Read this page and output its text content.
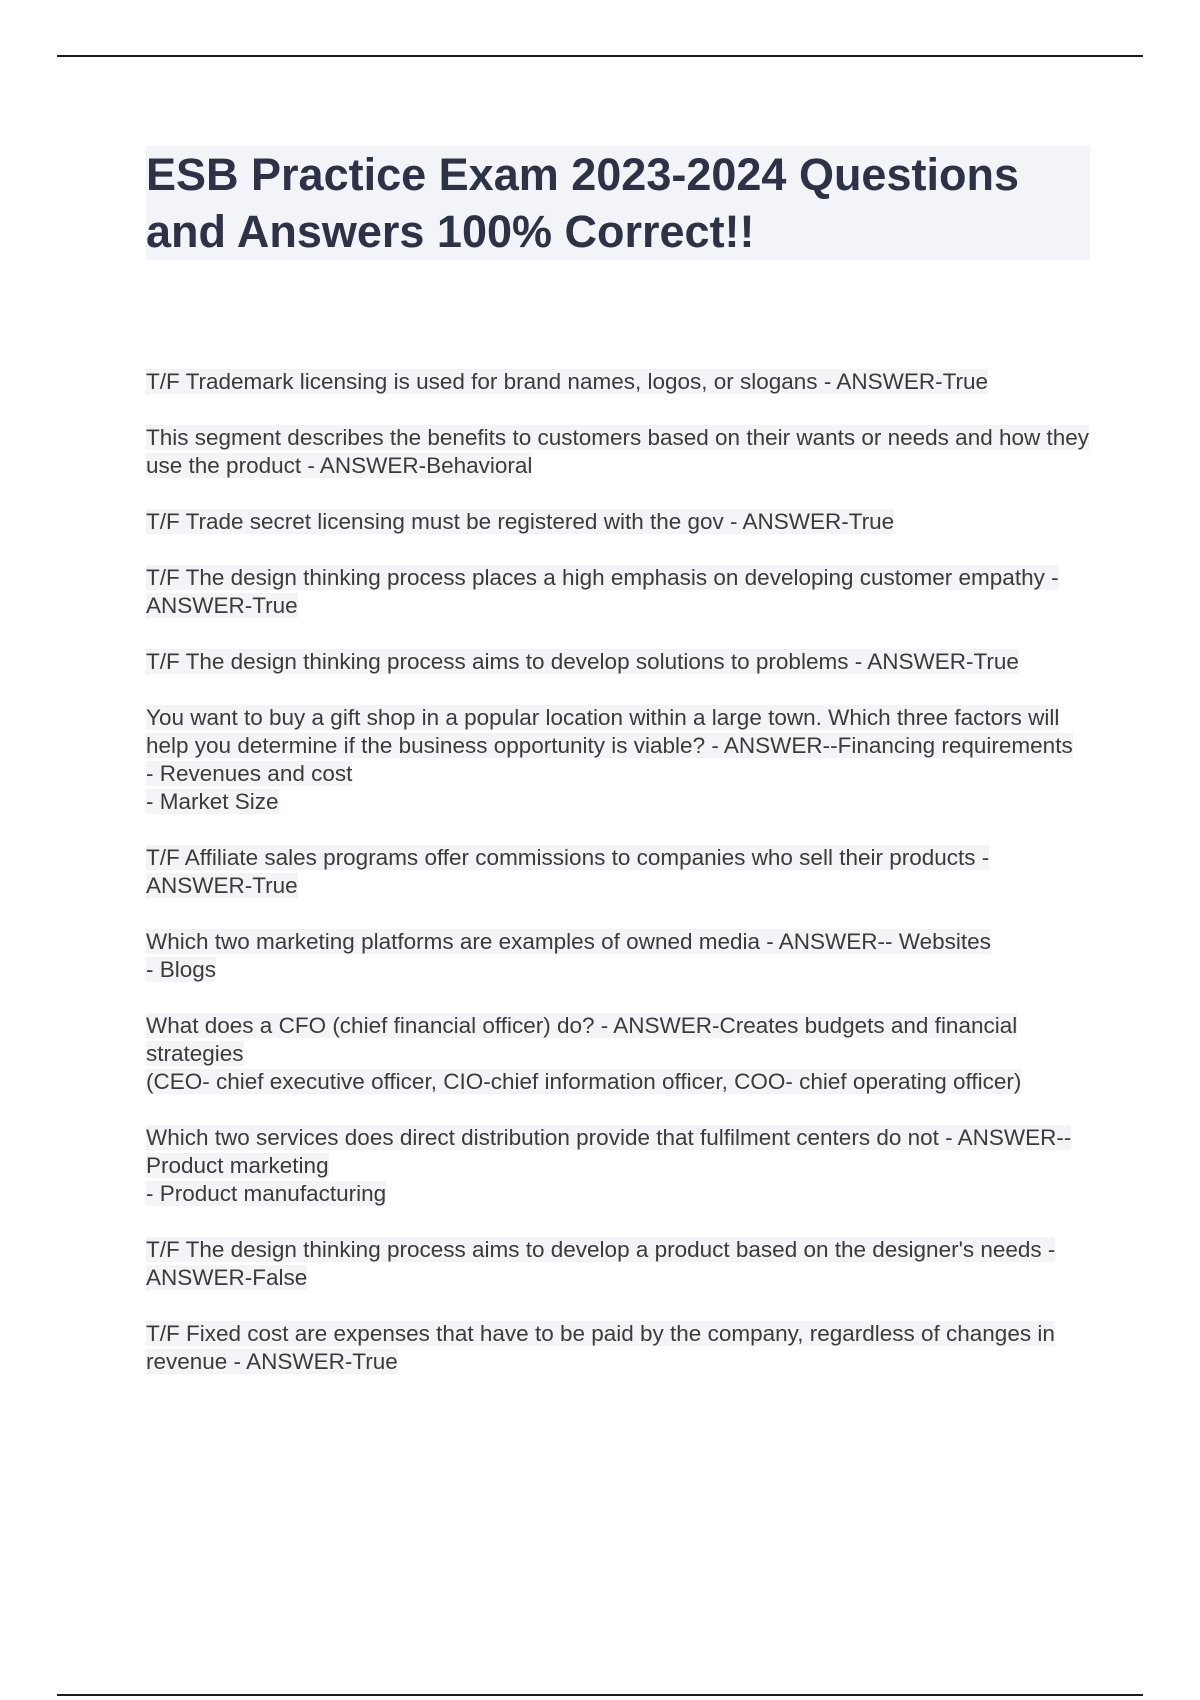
ESB Practice Exam 2023-2024 Questions and Answers 100% Correct!!

T/F Trademark licensing is used for brand names, logos, or slogans - ANSWER-True

This segment describes the benefits to customers based on their wants or needs and how they use the product - ANSWER-Behavioral

T/F Trade secret licensing must be registered with the gov - ANSWER-True

T/F The design thinking process places a high emphasis on developing customer empathy - ANSWER-True

T/F The design thinking process aims to develop solutions to problems - ANSWER-True

You want to buy a gift shop in a popular location within a large town. Which three factors will help you determine if the business opportunity is viable? - ANSWER--Financing requirements
- Revenues and cost
- Market Size

T/F Affiliate sales programs offer commissions to companies who sell their products - ANSWER-True

Which two marketing platforms are examples of owned media - ANSWER-- Websites
- Blogs

What does a CFO (chief financial officer) do? - ANSWER-Creates budgets and financial strategies
(CEO- chief executive officer, CIO-chief information officer, COO- chief operating officer)

Which two services does direct distribution provide that fulfilment centers do not - ANSWER-- Product marketing
- Product manufacturing

T/F The design thinking process aims to develop a product based on the designer's needs - ANSWER-False

T/F Fixed cost are expenses that have to be paid by the company, regardless of changes in revenue - ANSWER-True
